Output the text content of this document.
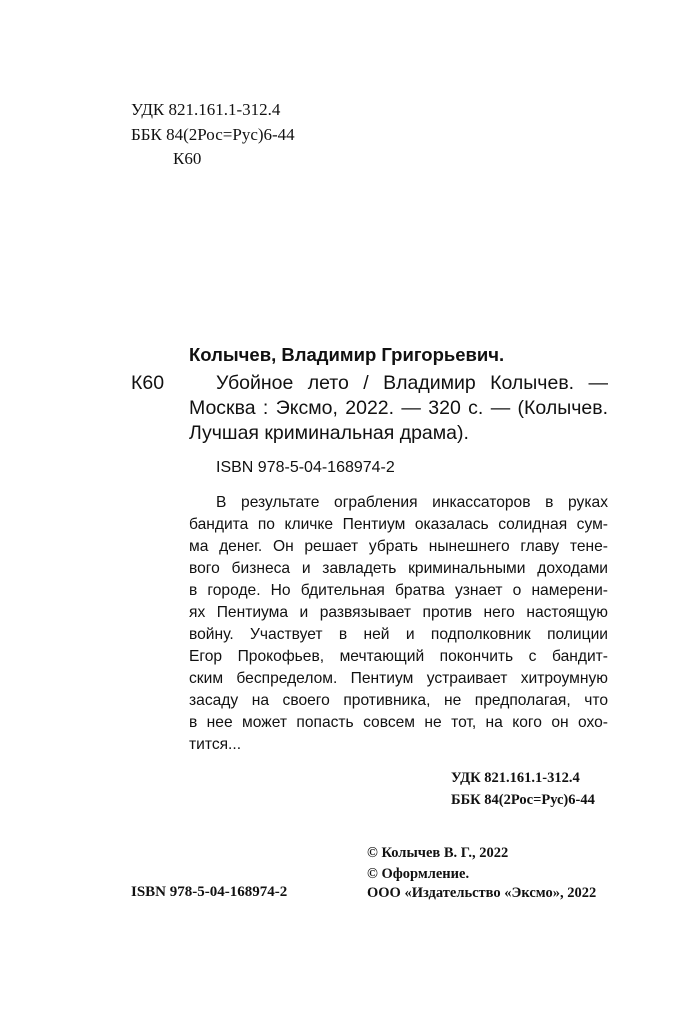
УДК 821.161.1-312.4
ББК 84(2Рос=Рус)6-44
К60
Колычев, Владимир Григорьевич.
К60	Убойное лето / Владимир Колычев. —
Москва : Эксмо, 2022. — 320 с. — (Колычев.
Лучшая криминальная драма).
ISBN 978-5-04-168974-2
В результате ограбления инкассаторов в руках
бандита по кличке Пентиум оказалась солидная сум-
ма денег. Он решает убрать нынешнего главу тене-
вого бизнеса и завладеть криминальными доходами
в городе. Но бдительная братва узнает о намерени-
ях Пентиума и развязывает против него настоящую
войну. Участвует в ней и подполковник полиции
Егор Прокофьев, мечтающий покончить с бандит-
ским беспределом. Пентиум устраивает хитроумную
засаду на своего противника, не предполагая, что
в нее может попасть совсем не тот, на кого он охо-
тится...
УДК 821.161.1-312.4
ББК 84(2Рос=Рус)6-44
© Колычев В. Г., 2022
© Оформление.
ISBN 978-5-04-168974-2	ООО «Издательство «Эксмо», 2022
